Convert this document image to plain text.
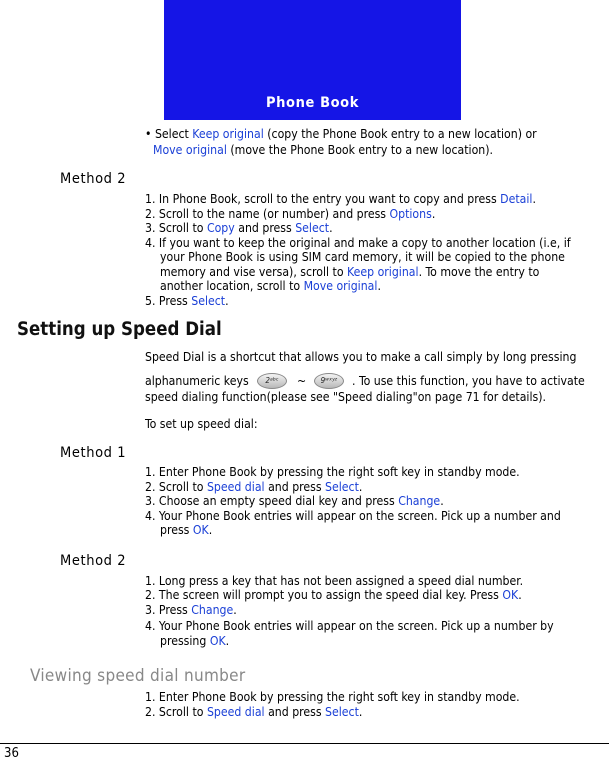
Phone Book
• Select Keep original (copy the Phone Book entry to a new location) or
Move original (move the Phone Book entry to a new location).
Method 2
1. In Phone Book, scroll to the entry you want to copy and press Detail.
2. Scroll to the name (or number) and press Options.
3. Scroll to Copy and press Select.
4. If you want to keep the original and make a copy to another location (i.e, if
your Phone Book is using SIM card memory, it will be copied to the phone
memory and vise versa), scroll to Keep original. To move the entry to
another location, scroll to Move original.
5. Press Select.
Setting up Speed Dial
Speed Dial is a shortcut that allows you to make a call simply by long pressing
alphanumeric keys	2ᵃᵇᶜ	~	9ʷˣʸᶻ	. To use this function, you have to activate
speed dialing function(please see "Speed dialing"on page 71 for details).
To set up speed dial:
Method 1
1. Enter Phone Book by pressing the right soft key in standby mode.
2. Scroll to Speed dial and press Select.
3. Choose an empty speed dial key and press Change.
4. Your Phone Book entries will appear on the screen. Pick up a number and
press OK.
Method 2
1. Long press a key that has not been assigned a speed dial number.
2. The screen will prompt you to assign the speed dial key. Press OK.
3. Press Change.
4. Your Phone Book entries will appear on the screen. Pick up a number by
pressing OK.
Viewing speed dial number
1. Enter Phone Book by pressing the right soft key in standby mode.
2. Scroll to Speed dial and press Select.
36
